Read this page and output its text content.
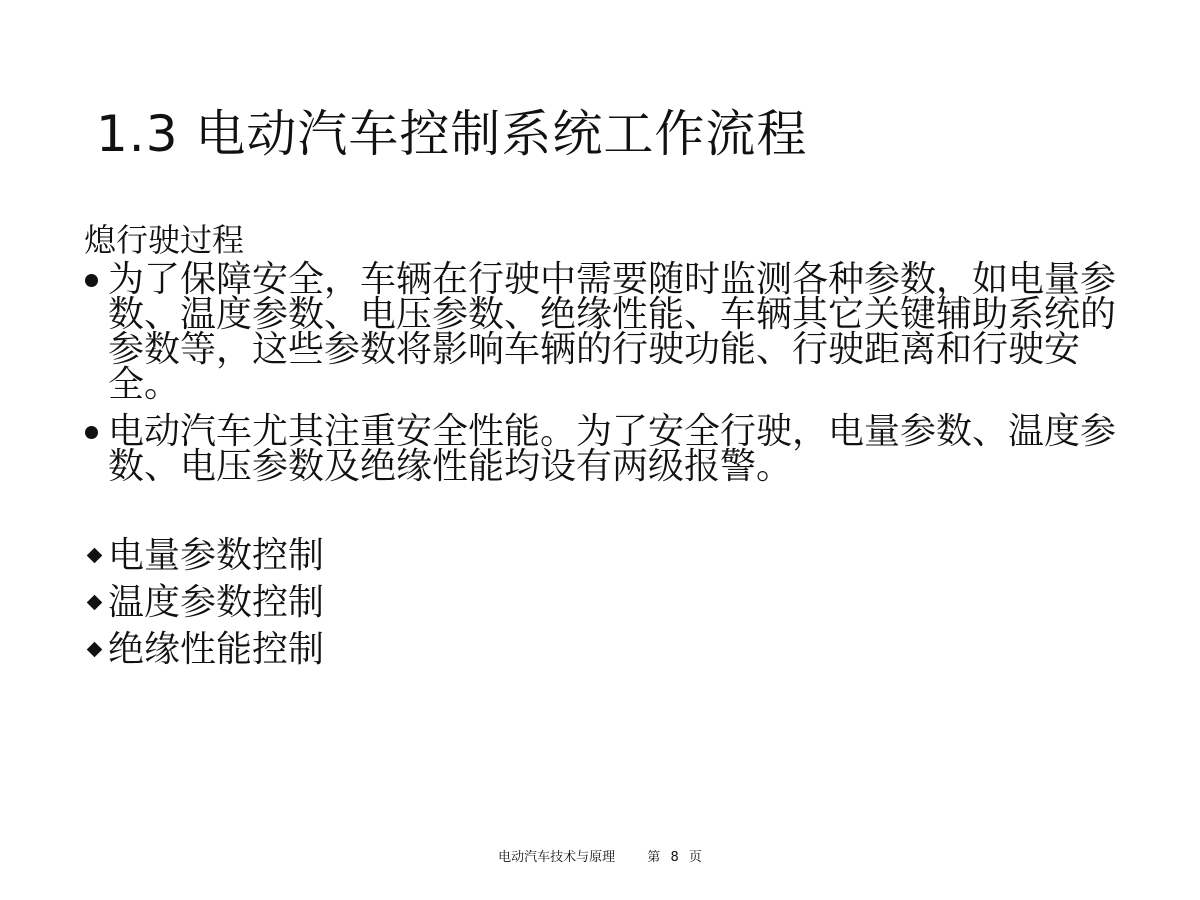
1.3 电动汽车控制系统工作流程
熄行驶过程
为了保障安全，车辆在行驶中需要随时监测各种参数，如电量参数、温度参数、电压参数、绝缘性能、车辆其它关键辅助系统的参数等，这些参数将影响车辆的行驶功能、行驶距离和行驶安全。
电动汽车尤其注重安全性能。为了安全行驶，电量参数、温度参数、电压参数及绝缘性能均设有两级报警。
电量参数控制
温度参数控制
绝缘性能控制
电动汽车技术与原理 第 8 页
